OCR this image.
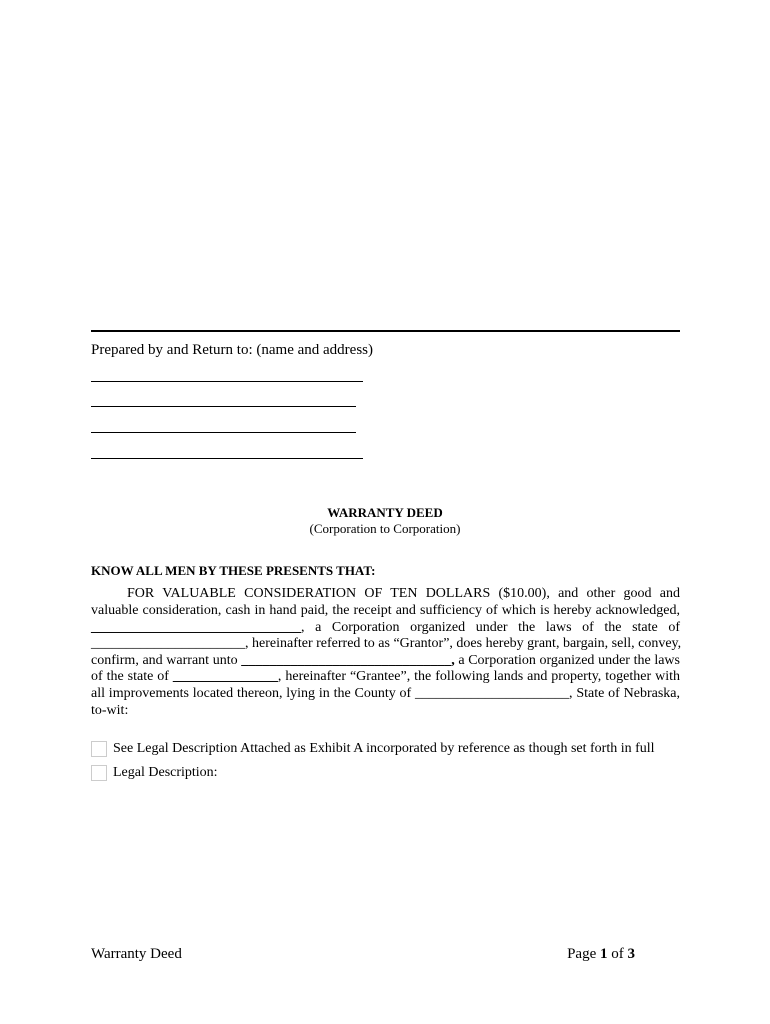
Prepared by and Return to: (name and address)
WARRANTY DEED
(Corporation to Corporation)
KNOW ALL MEN BY THESE PRESENTS THAT:
FOR VALUABLE CONSIDERATION OF TEN DOLLARS ($10.00), and other good and
valuable consideration, cash in hand paid, the receipt and sufficiency of which is hereby acknowledged,
______________________________, a Corporation organized under the laws of the state of
______________________, hereinafter referred to as “Grantor”, does hereby grant, bargain, sell, convey,
confirm, and warrant unto ______________________________, a Corporation organized under the laws
of the state of _______________, hereinafter “Grantee”, the following lands and property, together with
all improvements located thereon, lying in the County of ______________________, State of Nebraska,
to-wit:
See Legal Description Attached as Exhibit A incorporated by reference as though set forth in full
Legal Description:
Warranty Deed	Page 1 of 3
